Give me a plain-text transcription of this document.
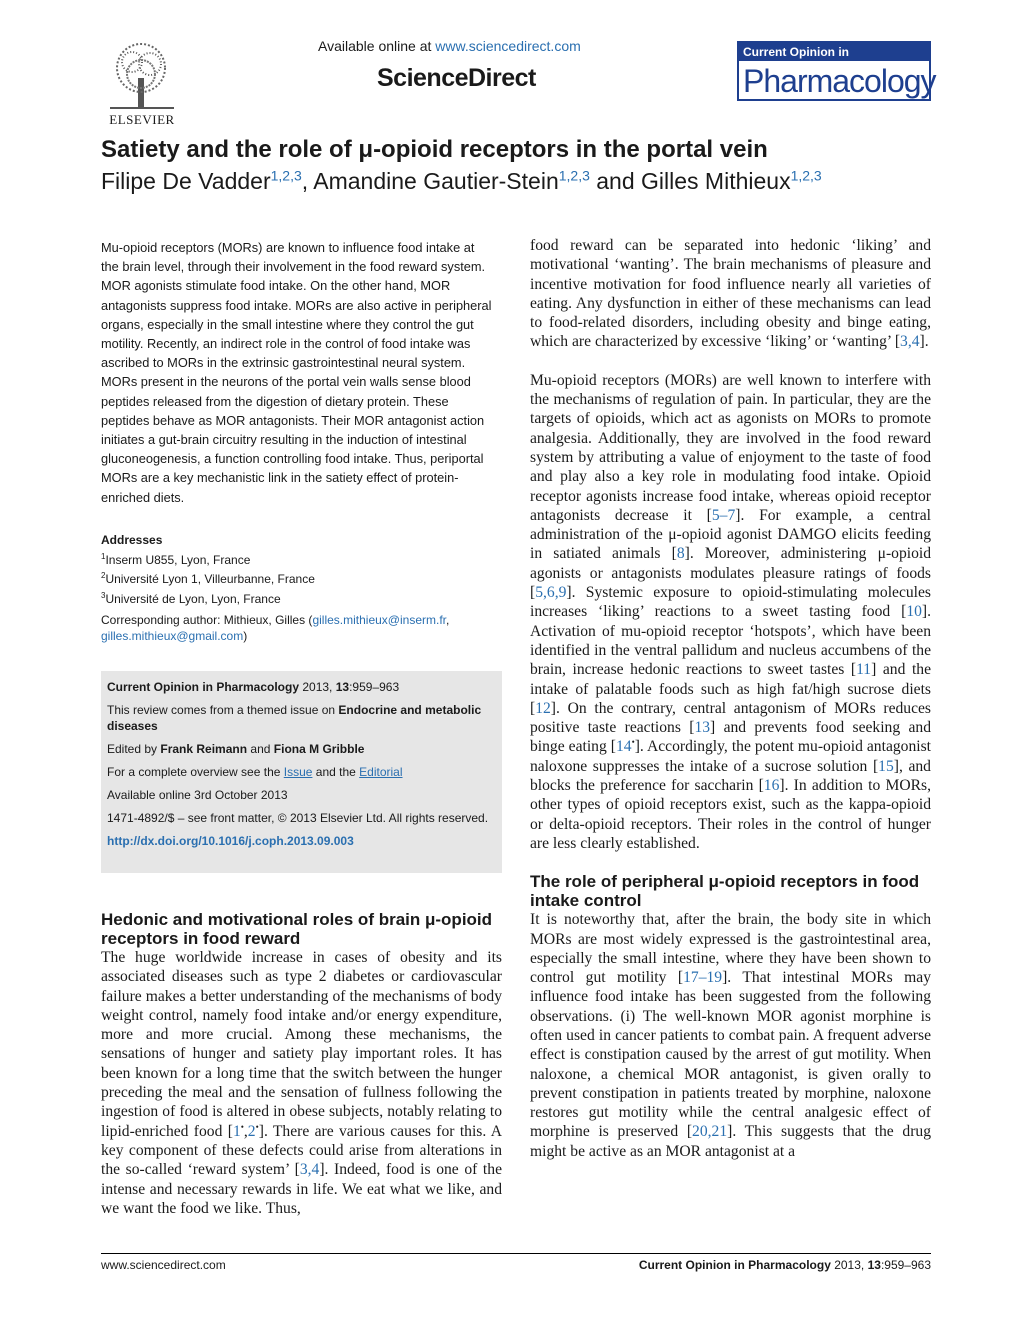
ELSEVIER
Available online at www.sciencedirect.com
ScienceDirect
Current Opinion in
Pharmacology
Satiety and the role of μ-opioid receptors in the portal vein
Filipe De Vadder$^{1,2,3}$, Amandine Gautier-Stein$^{1,2,3}$ and Gilles Mithieux$^{1,2,3}$
Mu-opioid receptors (MORs) are known to influence food intake at the brain level, through their involvement in the food reward system. MOR agonists stimulate food intake. On the other hand, MOR antagonists suppress food intake. MORs are also active in peripheral organs, especially in the small intestine where they control the gut motility. Recently, an indirect role in the control of food intake was ascribed to MORs in the extrinsic gastrointestinal neural system. MORs present in the neurons of the portal vein walls sense blood peptides released from the digestion of dietary protein. These peptides behave as MOR antagonists. Their MOR antagonist action initiates a gut-brain circuitry resulting in the induction of intestinal gluconeogenesis, a function controlling food intake. Thus, periportal MORs are a key mechanistic link in the satiety effect of protein-enriched diets.
Addresses
$^1$Inserm U855, Lyon, France
$^2$Université Lyon 1, Villeurbanne, France
$^3$Université de Lyon, Lyon, France
Corresponding author: Mithieux, Gilles (gilles.mithieux@inserm.fr,
gilles.mithieux@gmail.com)

Current Opinion in Pharmacology 2013, 13:959–963

This review comes from a themed issue on Endocrine and metabolic diseases

Edited by Frank Reimann and Fiona M Gribble

For a complete overview see the Issue and the Editorial

Available online 3rd October 2013

1471-4892/$ – see front matter, © 2013 Elsevier Ltd. All rights reserved.

http://dx.doi.org/10.1016/j.coph.2013.09.003

Hedonic and motivational roles of brain μ-opioid receptors in food reward

The huge worldwide increase in cases of obesity and its associated diseases such as type 2 diabetes or cardiovascular failure makes a better understanding of the mechanisms of body weight control, namely food intake and/or energy expenditure, more and more crucial. Among these mechanisms, the sensations of hunger and satiety play important roles. It has been known for a long time that the switch between the hunger preceding the meal and the sensation of fullness following the ingestion of food is altered in obese subjects, notably relating to lipid-enriched food [1•,2•]. There are various causes for this. A key component of these defects could arise from alterations in the so-called ‘reward system’ [3,4]. Indeed, food is one of the intense and necessary rewards in life. We eat what we like, and we want the food we like. Thus,

food reward can be separated into hedonic ‘liking’ and motivational ‘wanting’. The brain mechanisms of pleasure and incentive motivation for food influence nearly all varieties of eating. Any dysfunction in either of these mechanisms can lead to food-related disorders, including obesity and binge eating, which are characterized by excessive ‘liking’ or ‘wanting’ [3,4].

Mu-opioid receptors (MORs) are well known to interfere with the mechanisms of regulation of pain. In particular, they are the targets of opioids, which act as agonists on MORs to promote analgesia. Additionally, they are involved in the food reward system by attributing a value of enjoyment to the taste of food and play also a key role in modulating food intake. Opioid receptor agonists increase food intake, whereas opioid receptor antagonists decrease it [5–7]. For example, a central administration of the μ-opioid agonist DAMGO elicits feeding in satiated animals [8]. Moreover, administering μ-opioid agonists or antagonists modulates pleasure ratings of foods [5,6,9]. Systemic exposure to opioid-stimulating molecules increases ‘liking’ reactions to a sweet tasting food [10]. Activation of mu-opioid receptor ‘hotspots’, which have been identified in the ventral pallidum and nucleus accumbens of the brain, increase hedonic reactions to sweet tastes [11] and the intake of palatable foods such as high fat/high sucrose diets [12]. On the contrary, central antagonism of MORs reduces positive taste reactions [13] and prevents food seeking and binge eating [14•]. Accordingly, the potent mu-opioid antagonist naloxone suppresses the intake of a sucrose solution [15], and blocks the preference for saccharin [16]. In addition to MORs, other types of opioid receptors exist, such as the kappa-opioid or delta-opioid receptors. Their roles in the control of hunger are less clearly established.

The role of peripheral μ-opioid receptors in food intake control

It is noteworthy that, after the brain, the body site in which MORs are most widely expressed is the gastrointestinal area, especially the small intestine, where they have been shown to control gut motility [17–19]. That intestinal MORs may influence food intake has been suggested from the following observations. (i) The well-known MOR agonist morphine is often used in cancer patients to combat pain. A frequent adverse effect is constipation caused by the arrest of gut motility. When naloxone, a chemical MOR antagonist, is given orally to prevent constipation in patients treated by morphine, naloxone restores gut motility while the central analgesic effect of morphine is preserved [20,21]. This suggests that the drug might be active as an MOR antagonist at a

www.sciencedirect.com	Current Opinion in Pharmacology 2013, 13:959–963
